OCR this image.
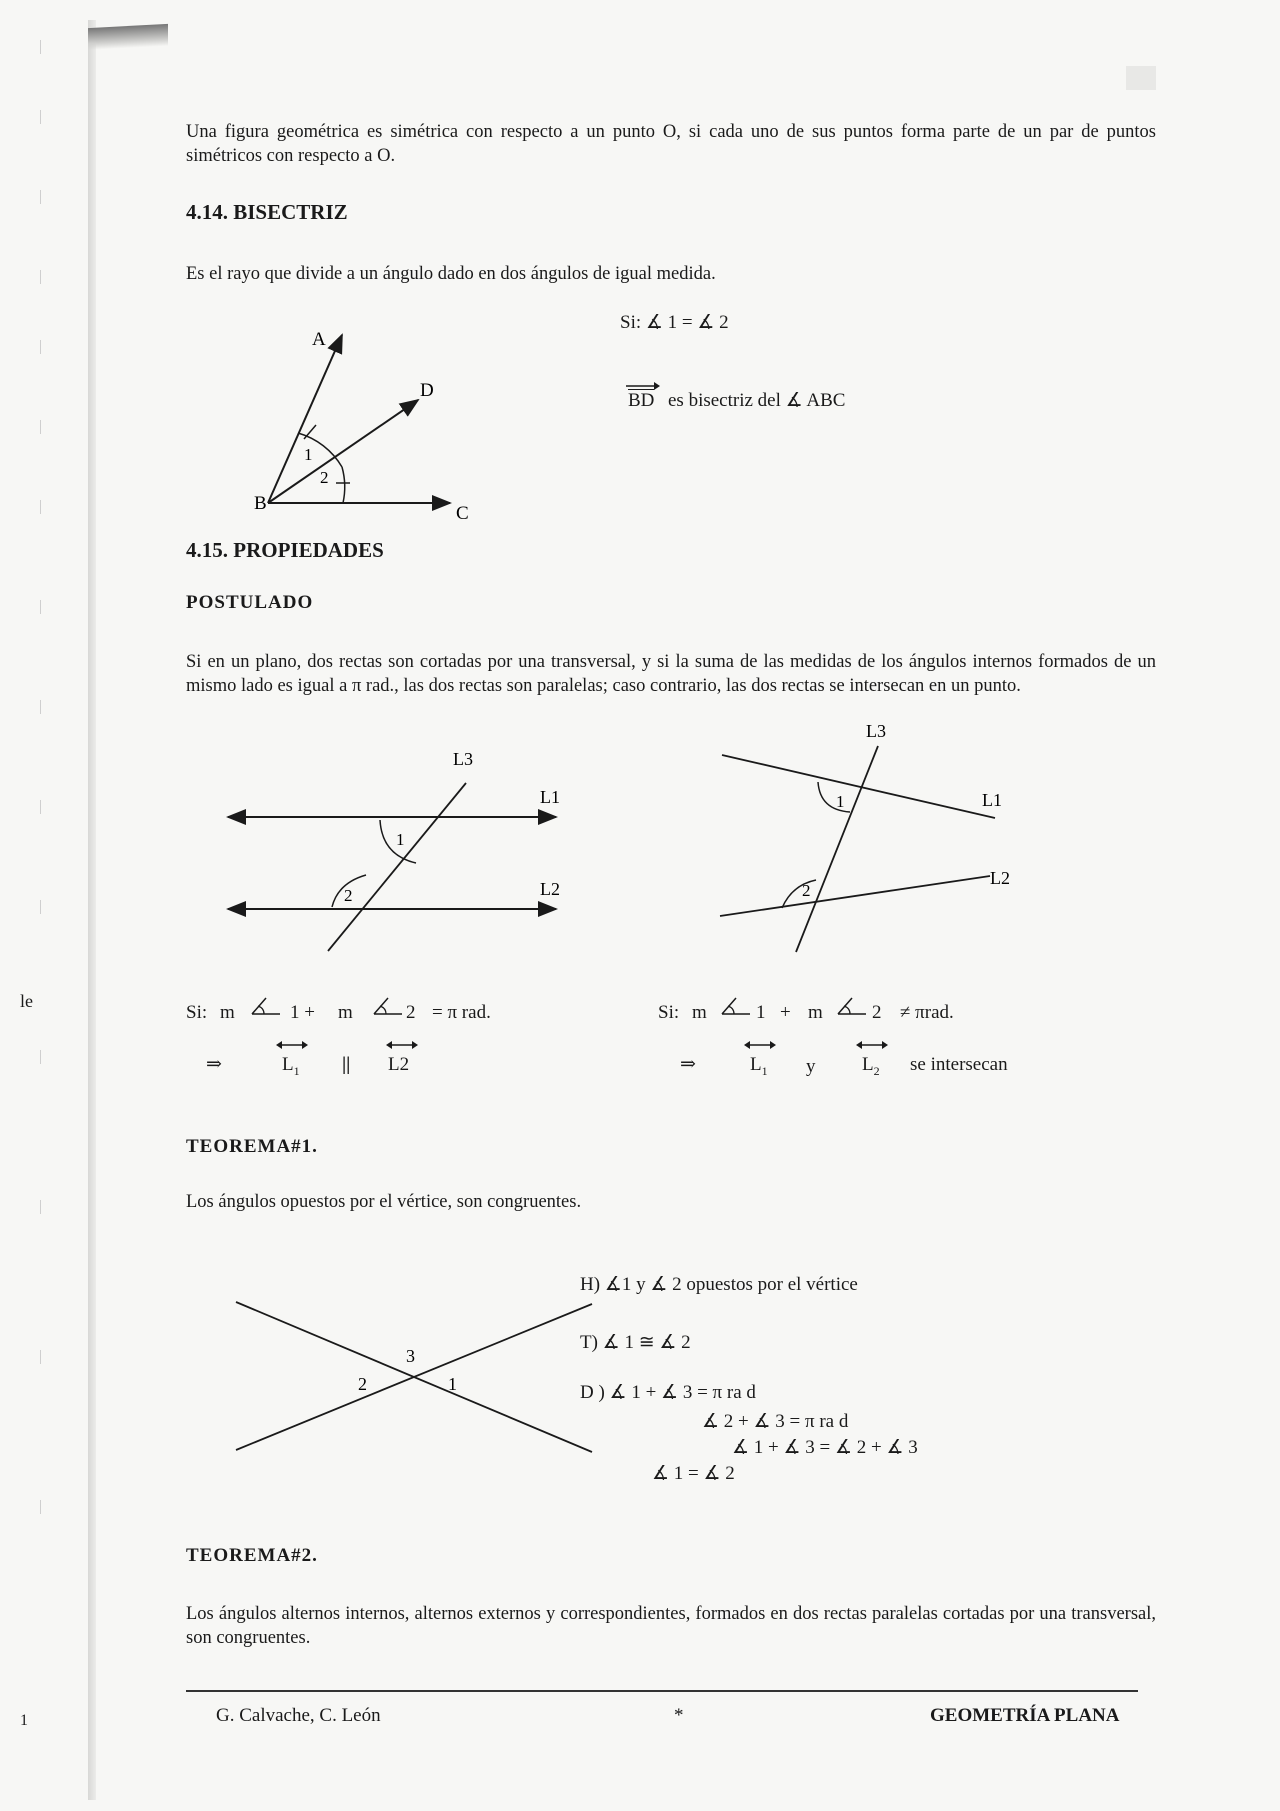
le
1
Una figura geométrica es simétrica con respecto a un punto O, si cada uno de sus puntos forma parte de un par de puntos simétricos con respecto a O.
4.14. BISECTRIZ
Es el rayo que divide a un ángulo dado en dos ángulos de igual medida.
A
D
B	C
1
2
Si: ∡ 1 = ∡ 2
BD es bisectriz del ∡ ABC
4.15. PROPIEDADES
POSTULADO
Si en un plano, dos rectas son cortadas por una transversal, y si la suma de las medidas de los ángulos internos formados de un mismo lado es igual a π rad., las dos rectas son paralelas; caso contrario, las dos rectas se intersecan en un punto.
L3
L1
L2
1
2
L3
L1
L2
1
2
Si: m	1 + m	2 = π rad.
⇒	$L_1$ || L2
Si: m	1 + m	2 ≠ πrad.
⇒	$L_1$ y $L_2$ se intersecan
TEOREMA#1.
Los ángulos opuestos por el vértice, son congruentes.
3
2	1
H) ∡1 y ∡ 2 opuestos por el vértice
T) ∡ 1 ≅ ∡ 2
D ) ∡ 1 + ∡ 3 = π ra d
∡ 2 + ∡ 3 = π ra d
∡ 1 + ∡ 3 = ∡ 2 + ∡ 3
∡ 1 = ∡ 2
TEOREMA#2.
Los ángulos alternos internos, alternos externos y correspondientes, formados en dos rectas paralelas cortadas por una transversal, son congruentes.
G. Calvache, C. León	*	GEOMETRÍA PLANA
